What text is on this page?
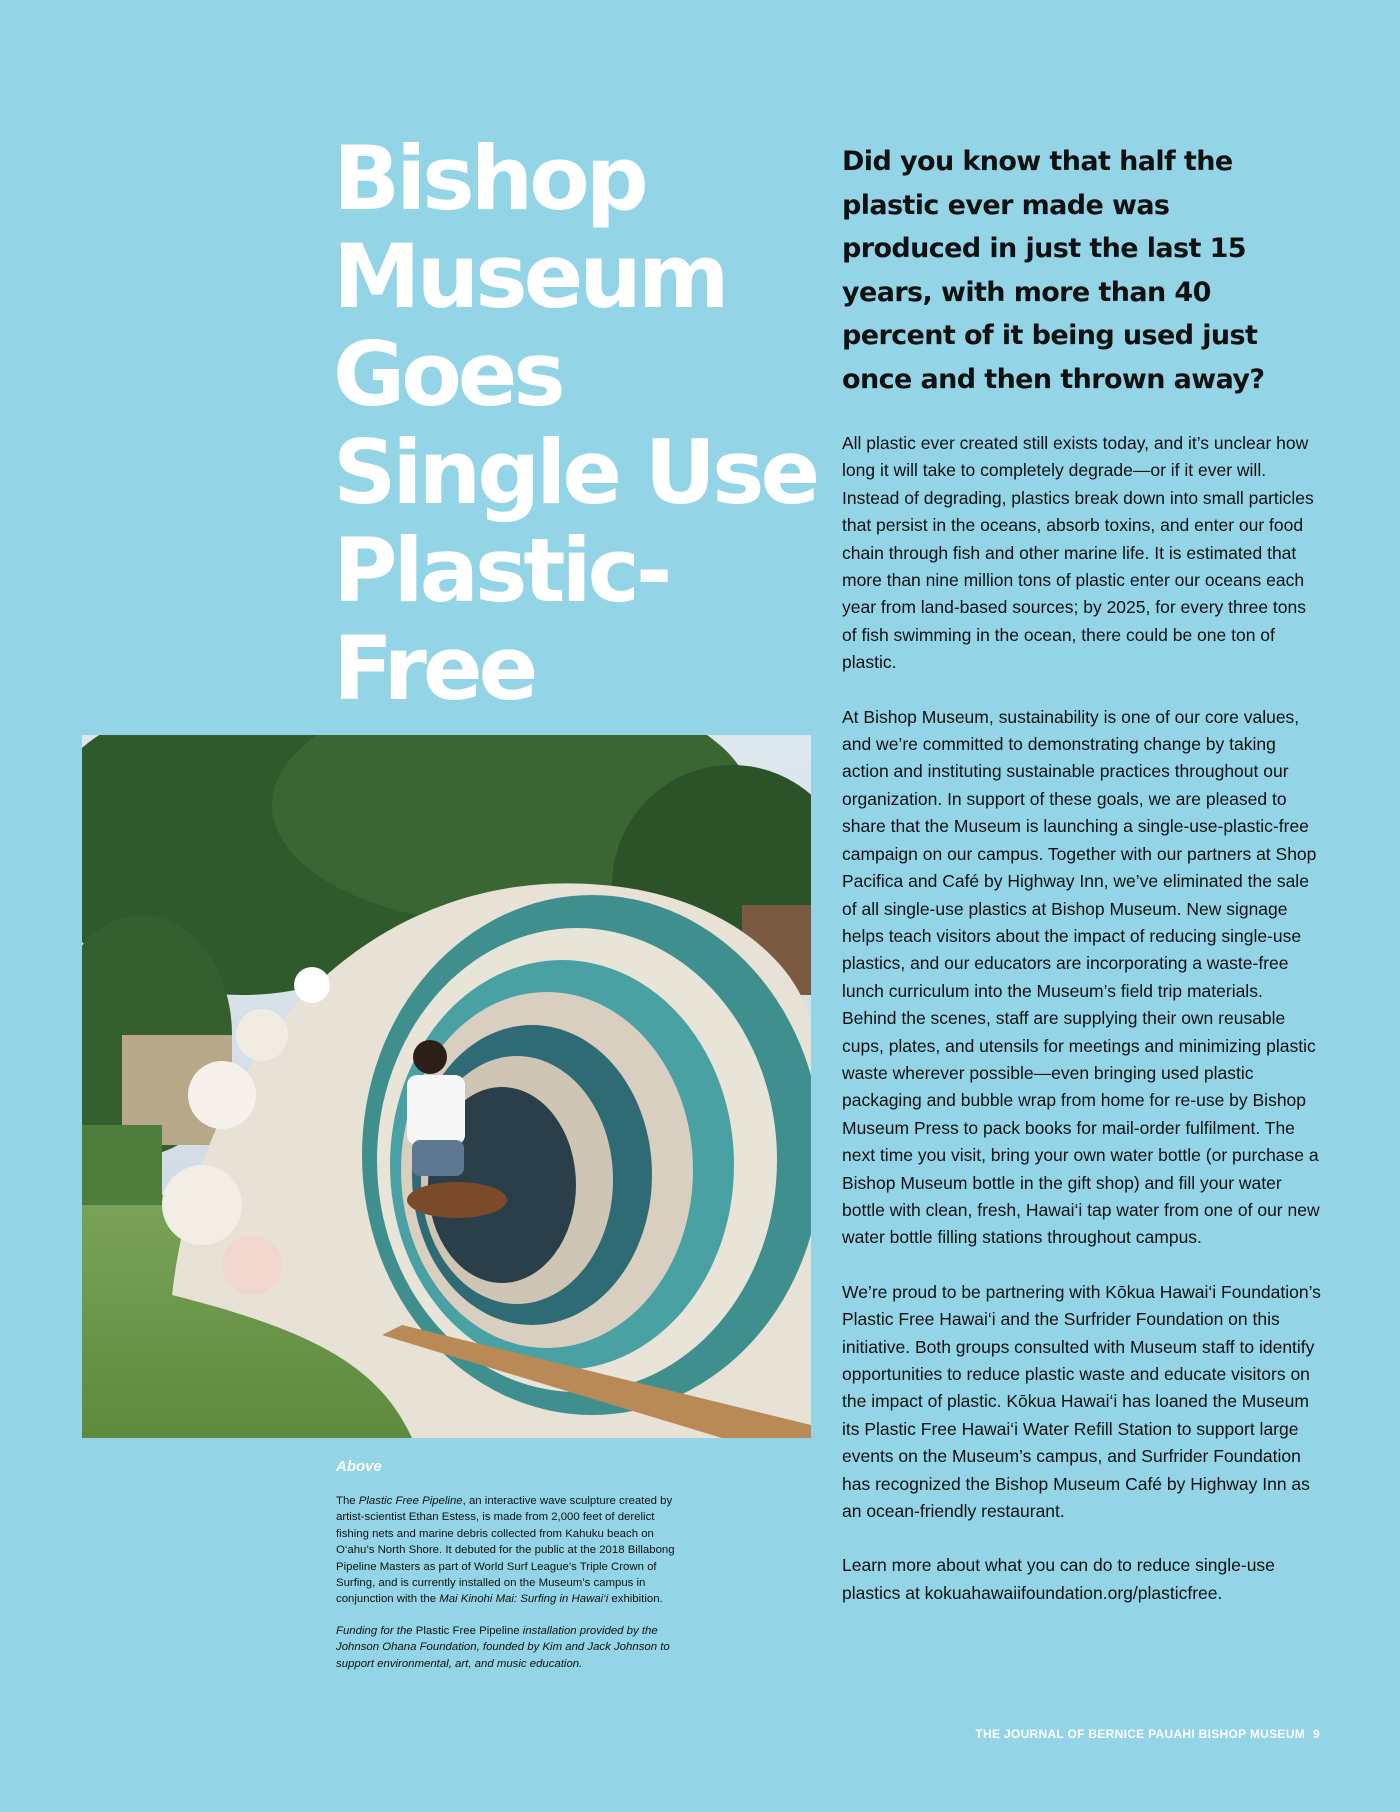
Bishop
Museum
Goes
Single Use
Plastic-
Free

Did you know that half the plastic ever made was produced in just the last 15 years, with more than 40 percent of it being used just once and then thrown away?

All plastic ever created still exists today, and it’s unclear how long it will take to completely degrade—or if it ever will. Instead of degrading, plastics break down into small particles that persist in the oceans, absorb toxins, and enter our food chain through fish and other marine life. It is estimated that more than nine million tons of plastic enter our oceans each year from land-based sources; by 2025, for every three tons of fish swimming in the ocean, there could be one ton of plastic.

At Bishop Museum, sustainability is one of our core values, and we’re committed to demonstrating change by taking action and instituting sustainable practices throughout our organization. In support of these goals, we are pleased to share that the Museum is launching a single-use-plastic-free campaign on our campus. Together with our partners at Shop Pacifica and Café by Highway Inn, we’ve eliminated the sale of all single-use plastics at Bishop Museum. New signage helps teach visitors about the impact of reducing single-use plastics, and our educators are incorporating a waste-free lunch curriculum into the Museum’s field trip materials. Behind the scenes, staff are supplying their own reusable cups, plates, and utensils for meetings and minimizing plastic waste wherever possible—even bringing used plastic packaging and bubble wrap from home for re-use by Bishop Museum Press to pack books for mail-order fulfilment. The next time you visit, bring your own water bottle (or purchase a Bishop Museum bottle in the gift shop) and fill your water bottle with clean, fresh, Hawai‘i tap water from one of our new water bottle filling stations throughout campus.

We’re proud to be partnering with Kōkua Hawai‘i Foundation’s Plastic Free Hawai‘i and the Surfrider Foundation on this initiative. Both groups consulted with Museum staff to identify opportunities to reduce plastic waste and educate visitors on the impact of plastic. Kōkua Hawai‘i has loaned the Museum its Plastic Free Hawai‘i Water Refill Station to support large events on the Museum’s campus, and Surfrider Foundation has recognized the Bishop Museum Café by Highway Inn as an ocean-friendly restaurant.

Learn more about what you can do to reduce single-use plastics at kokuahawaiifoundation.org/plasticfree.

Above

The Plastic Free Pipeline, an interactive wave sculpture created by artist-scientist Ethan Estess, is made from 2,000 feet of derelict fishing nets and marine debris collected from Kahuku beach on O‘ahu’s North Shore. It debuted for the public at the 2018 Billabong Pipeline Masters as part of World Surf League’s Triple Crown of Surfing, and is currently installed on the Museum’s campus in conjunction with the Mai Kinohi Mai: Surfing in Hawai‘i exhibition.

Funding for the Plastic Free Pipeline installation provided by the Johnson Ohana Foundation, founded by Kim and Jack Johnson to support environmental, art, and music education.

THE JOURNAL OF BERNICE PAUAHI BISHOP MUSEUM 9
